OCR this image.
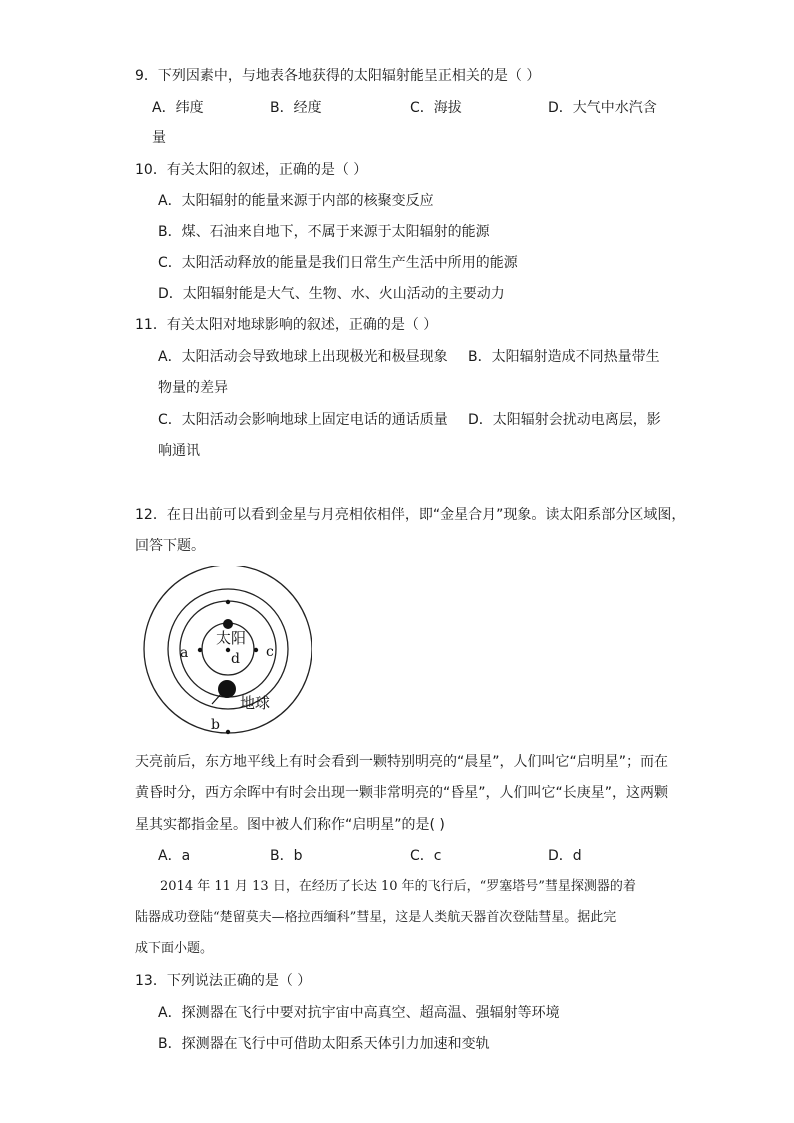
9．下列因素中，与地表各地获得的太阳辐射能呈正相关的是（ ）
A．纬度	B．经度	C．海拔	D．大气中水汽含
量
10．有关太阳的叙述，正确的是（ ）
A．太阳辐射的能量来源于内部的核聚变反应
B．煤、石油来自地下，不属于来源于太阳辐射的能源
C．太阳活动释放的能量是我们日常生产生活中所用的能源
D．太阳辐射能是大气、生物、水、火山活动的主要动力
11．有关太阳对地球影响的叙述，正确的是（ ）
A．太阳活动会导致地球上出现极光和极昼现象 B．太阳辐射造成不同热量带生
物量的差异
C．太阳活动会影响地球上固定电话的通话质量 D．太阳辐射会扰动电离层，影
响通讯
12．在日出前可以看到金星与月亮相依相伴，即“金星合月”现象。读太阳系部分区域图，
回答下题。
太阳
a	d c
b
地球
天亮前后，东方地平线上有时会看到一颗特别明亮的“晨星”，人们叫它“启明星”；而在
黄昏时分，西方余晖中有时会出现一颗非常明亮的“昏星”，人们叫它“长庚星”，这两颗
星其实都指金星。图中被人们称作“启明星”的是( )
A．a	B．b	C．c	D．d
2014 年 11 月 13 日，在经历了长达 10 年的飞行后，“罗塞塔号”彗星探测器的着
陆器成功登陆“楚留莫夫—格拉西缅科”彗星，这是人类航天器首次登陆彗星。据此完
成下面小题。
13．下列说法正确的是（ ）
A．探测器在飞行中要对抗宇宙中高真空、超高温、强辐射等环境
B．探测器在飞行中可借助太阳系天体引力加速和变轨
